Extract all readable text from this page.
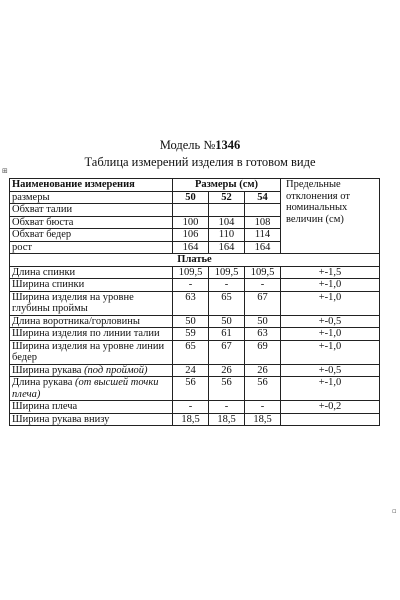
Модель №1346
Таблица измерений изделия в готовом виде
⊞
Наименование измерения	Размеры (см)			Предельные отклонения от номинальных величин (см)
размеры	50	52	54	
Обхват талии				
Обхват бюста	100	104	108	
Обхват бедер	106	110	114	
рост	164	164	164	
Платье				
Длина спинки	109,5	109,5	109,5	+-1,5
Ширина спинки	-	-	-	+-1,0
Ширина изделия на уровне глубины проймы	63	65	67	+-1,0
Длина воротника/горловины	50	50	50	+-0,5
Ширина изделия по линии талии	59	61	63	+-1,0
Ширина изделия на уровне линии бедер	65	67	69	+-1,0
Ширина рукава (под проймой)	24	26	26	+-0,5
Длина рукава (от высшей точки плеча)	56	56	56	+-1,0
Ширина плеча	-	-	-	+-0,2
Ширина рукава внизу	18,5	18,5	18,5	
▫
